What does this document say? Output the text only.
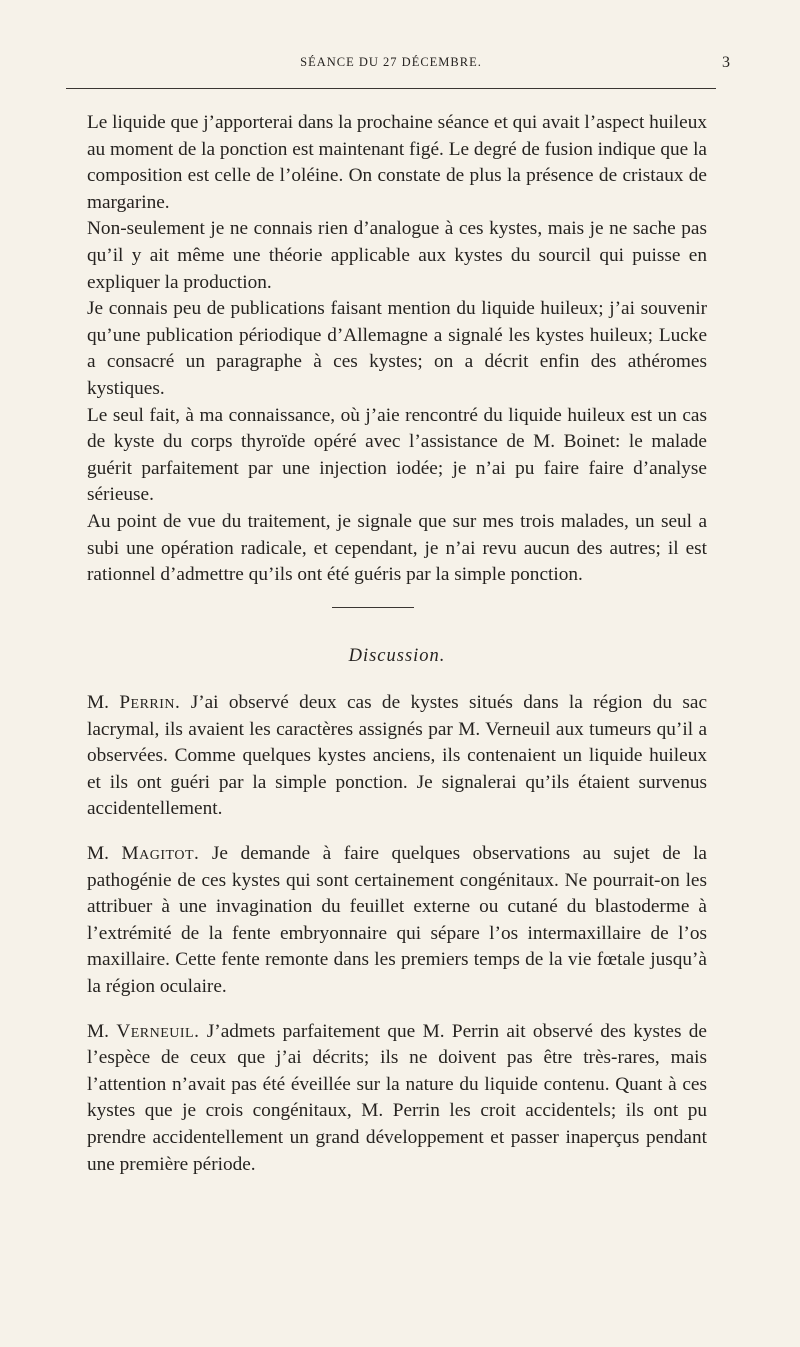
SÉANCE DU 27 DÉCEMBRE.	3

Le liquide que j’apporterai dans la prochaine séance et qui avait l’aspect huileux au moment de la ponction est maintenant figé. Le degré de fusion indique que la composition est celle de l’oléine. On constate de plus la présence de cristaux de margarine.

Non-seulement je ne connais rien d’analogue à ces kystes, mais je ne sache pas qu’il y ait même une théorie applicable aux kystes du sourcil qui puisse en expliquer la production.

Je connais peu de publications faisant mention du liquide huileux; j’ai souvenir qu’une publication périodique d’Allemagne a signalé les kystes huileux; Lucke a consacré un paragraphe à ces kystes; on a décrit enfin des athéromes kystiques.

Le seul fait, à ma connaissance, où j’aie rencontré du liquide huileux est un cas de kyste du corps thyroïde opéré avec l’assistance de M. Boinet: le malade guérit parfaitement par une injection iodée; je n’ai pu faire faire d’analyse sérieuse.

Au point de vue du traitement, je signale que sur mes trois malades, un seul a subi une opération radicale, et cependant, je n’ai revu aucun des autres; il est rationnel d’admettre qu’ils ont été guéris par la simple ponction.

Discussion.

M. Perrin. J’ai observé deux cas de kystes situés dans la région du sac lacrymal, ils avaient les caractères assignés par M. Verneuil aux tumeurs qu’il a observées. Comme quelques kystes anciens, ils contenaient un liquide huileux et ils ont guéri par la simple ponction. Je signalerai qu’ils étaient survenus accidentellement.

M. Magitot. Je demande à faire quelques observations au sujet de la pathogénie de ces kystes qui sont certainement congénitaux. Ne pourrait-on les attribuer à une invagination du feuillet externe ou cutané du blastoderme à l’extrémité de la fente embryonnaire qui sépare l’os intermaxillaire de l’os maxillaire. Cette fente remonte dans les premiers temps de la vie fœtale jusqu’à la région oculaire.

M. Verneuil. J’admets parfaitement que M. Perrin ait observé des kystes de l’espèce de ceux que j’ai décrits; ils ne doivent pas être très-rares, mais l’attention n’avait pas été éveillée sur la nature du liquide contenu. Quant à ces kystes que je crois congénitaux, M. Perrin les croit accidentels; ils ont pu prendre accidentellement un grand développement et passer inaperçus pendant une première période.
